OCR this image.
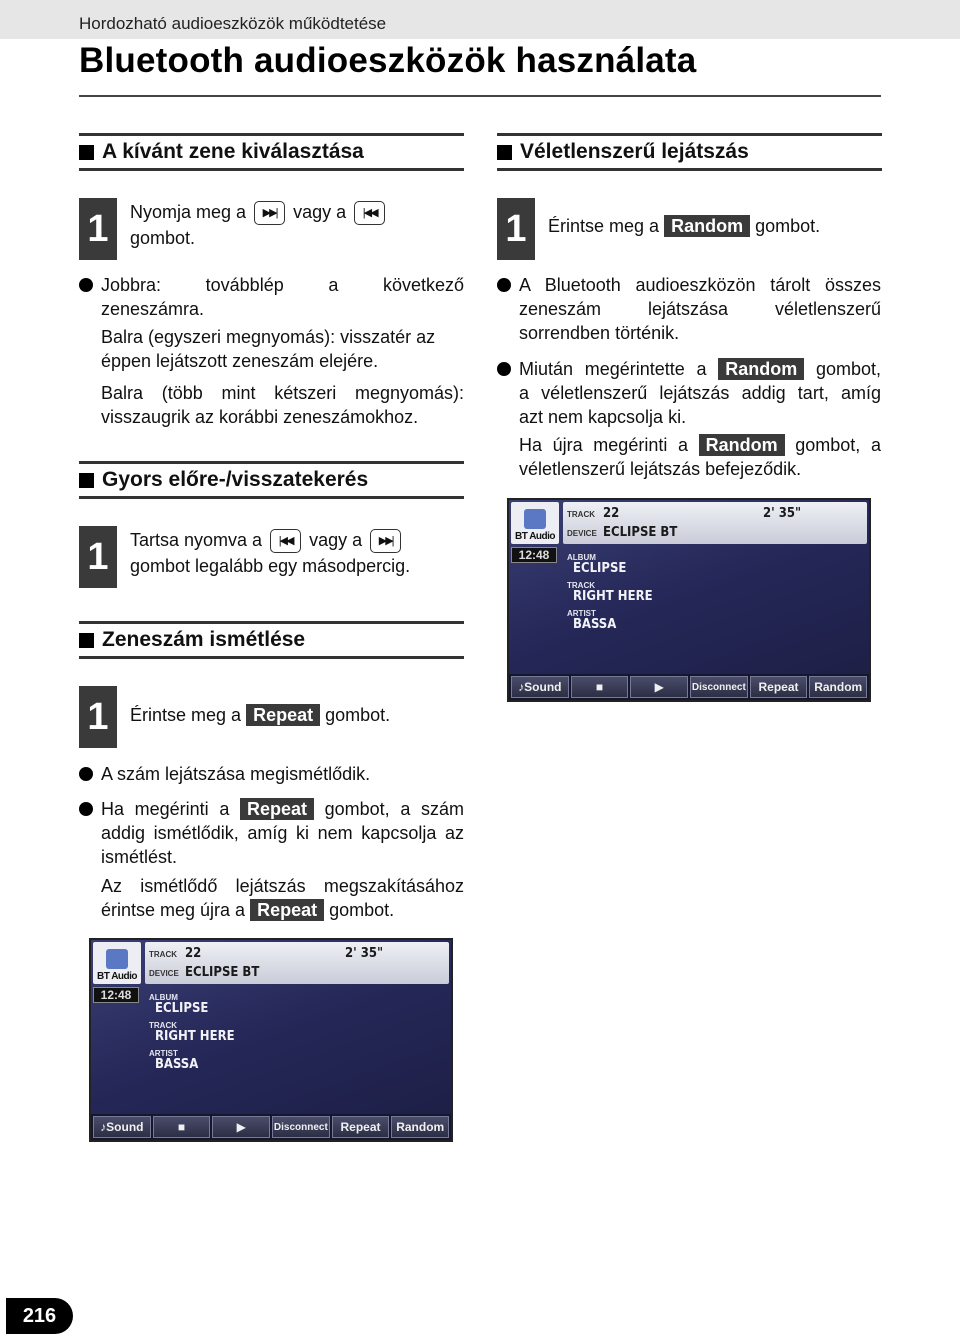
Hordozható audioeszközök működtetése
Bluetooth audioeszközök használata
A kívánt zene kiválasztása
1	Nyomja meg a ▶▶| vagy a |◀◀
gombot.
Jobbra: továbblép a következő
zeneszámra.
Balra (egyszeri megnyomás): visszatér az
éppen lejátszott zeneszám elejére.
Balra (több mint kétszeri megnyomás):
visszaugrik az korábbi zeneszámokhoz.
Gyors előre-/visszatekerés
1	Tartsa nyomva a |◀◀ vagy a ▶▶|
gombot legalább egy másodpercig.
Zeneszám ismétlése
1	Érintse meg a Repeat gombot.
A szám lejátszása megismétlődik.
Ha megérinti a Repeat gombot, a szám
addig ismétlődik, amíg ki nem kapcsolja az
ismétlést.
Az ismétlődő lejátszás megszakításához
érintse meg újra a Repeat gombot.
BT Audio
TRACK 22	2' 35"
DEVICE ECLIPSE BT
12:48	ALBUM
ECLIPSE
TRACK
RIGHT HERE
ARTIST
BASSA
♪Sound	■	▶	Disconnect	Repeat	Random
Véletlenszerű lejátszás
1	Érintse meg a Random gombot.
A Bluetooth audioeszközön tárolt összes
zeneszám lejátszása véletlenszerű
sorrendben történik.
Miután megérintette a Random gombot,
a véletlenszerű lejátszás addig tart, amíg
azt nem kapcsolja ki.
Ha újra megérinti a Random gombot, a
véletlenszerű lejátszás befejeződik.
BT Audio
TRACK 22	2' 35"
DEVICE ECLIPSE BT
12:48	ALBUM
ECLIPSE
TRACK
RIGHT HERE
ARTIST
BASSA
♪Sound	■	▶	Disconnect	Repeat	Random
216
